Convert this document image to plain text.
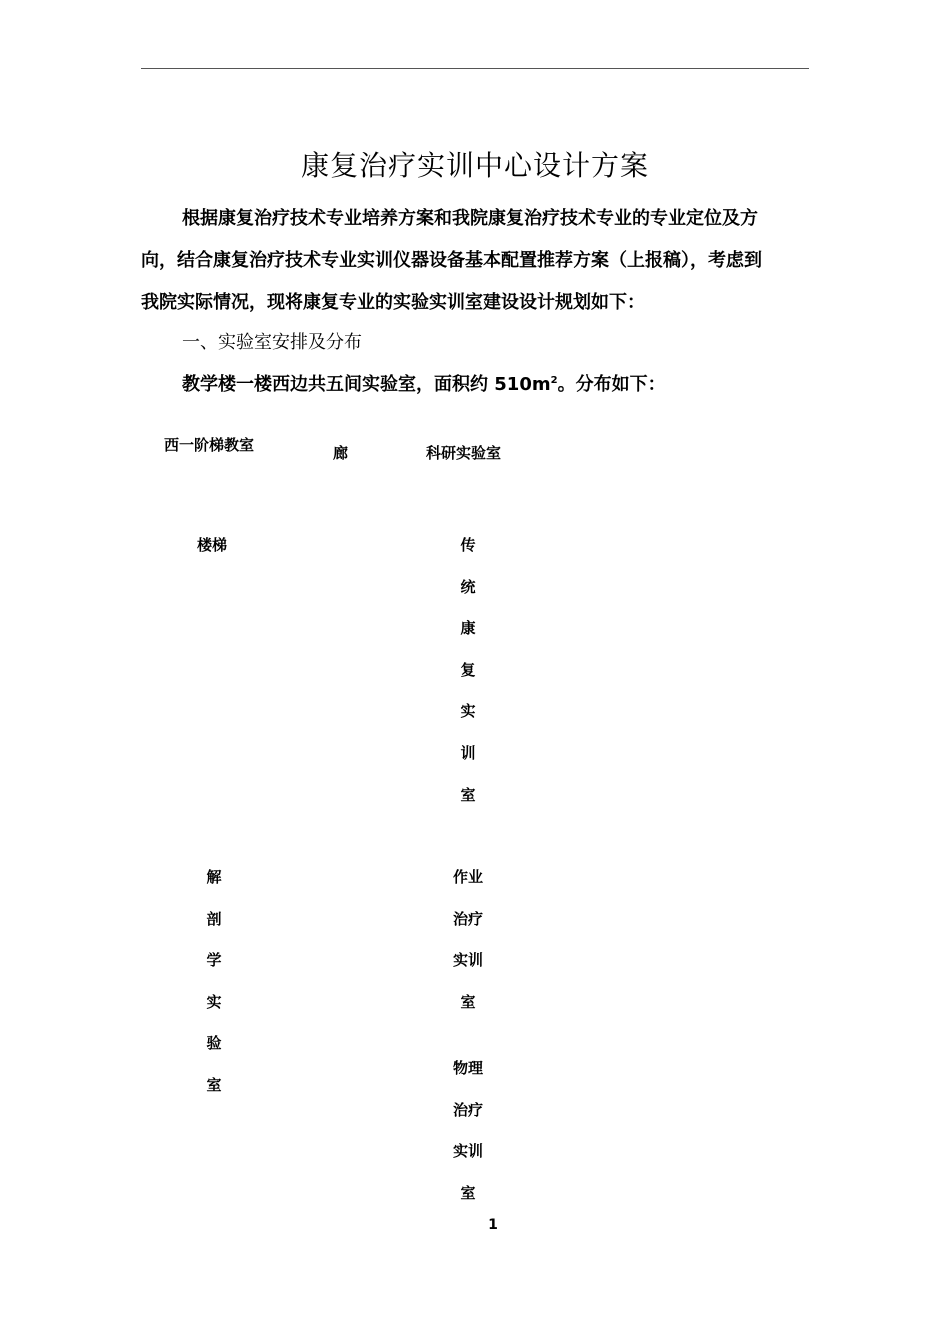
康复治疗实训中心设计方案
根据康复治疗技术专业培养方案和我院康复治疗技术专业的专业定位及方
向，结合康复治疗技术专业实训仪器设备基本配置推荐方案（上报稿），考虑到
我院实际情况，现将康复专业的实验实训室建设设计规划如下：
一、实验室安排及分布
教学楼一楼西边共五间实验室，面积约 $510m^2$。分布如下：
西一阶梯教室	廊	科研实验室
楼梯	传
统
康
复
实
训
室
解
剖
学
实
验
室
作业
治疗
实训
室
物理
治疗
实训
室
1
